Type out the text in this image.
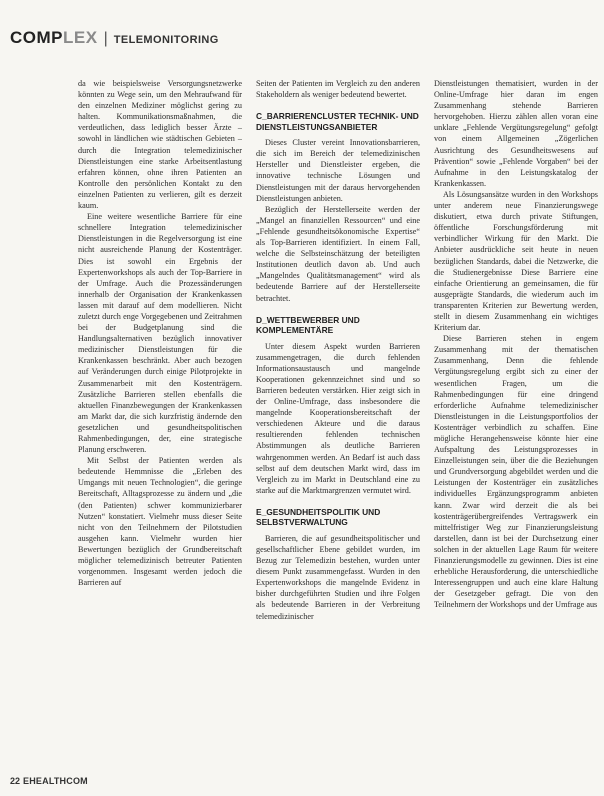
COMPLEX | TELEMONITORING

da wie beispielsweise Versorgungsnetzwerke könnten zu Wege sein, um den Mehraufwand für den einzelnen Mediziner möglichst gering zu halten. Kommunikationsmaßnahmen, die verdeutlichen, dass lediglich besser Ärzte – sowohl in ländlichen wie städtischen Gebieten – durch die Integration telemedizinischer Dienstleistungen eine starke Arbeitsentlastung erfahren können, ohne ihren Patienten an Kontrolle den persönlichen Kontakt zu den einzelnen Patienten zu verlieren, gilt es derzeit kaum.

Eine weitere wesentliche Barriere für eine schnellere Integration telemedizinischer Dienstleistungen in die Regelversorgung ist eine nicht ausreichende Planung der Kostenträger. Dies ist sowohl ein Ergebnis der Expertenworkshops als auch der Top-Barriere in der Umfrage. Auch die Prozessänderungen innerhalb der Organisation der Krankenkassen lassen mit darauf auf dem modellieren. Nicht zuletzt durch enge Vorgegebenen und Zeitrahmen bei der Budgetplanung sind die Handlungsalternativen bezüglich innovativer medizinischer Dienstleistungen für die Krankenkassen beschränkt. Aber auch bezogen auf Veränderungen durch einige Pilotprojekte in Zusammenarbeit mit den Kostenträgern. Zusätzliche Barrieren stellen ebenfalls die aktuellen Finanzbewegungen der Krankenkassen am Markt dar, die sich kurzfristig ändernde den gesetzlichen und gesundheitspolitischen Rahmenbedingungen, der, eine strategische Planung erschweren.

Mit Selbst der Patienten werden als bedeutende Hemmnisse die „Erleben des Umgangs mit neuen Technologien“, die geringe Bereitschaft, Alltagsprozesse zu ändern und „die (den Patienten) schwer kommunizierbarer Nutzen“ konstatiert. Vielmehr muss dieser Seite nicht von den Teilnehmern der Pilotstudien ausgehen kann. Vielmehr wurden hier Bewertungen bezüglich der Grundbereitschaft möglicher telemedizinisch betreuter Patienten vorgenommen. Insgesamt werden jedoch die Barrieren auf

Seiten der Patienten im Vergleich zu den anderen Stakeholdern als weniger bedeutend bewertet.

C_BARRIERENCLUSTER TECHNIK- UND DIENSTLEISTUNGSANBIETER

Dieses Cluster vereint Innovationsbarrieren, die sich im Bereich der telemedizinischen Hersteller und Dienstleister ergeben, die innovative technische Lösungen und Dienstleistungen mit der daraus hervorgehenden Dienstleistungen anbieten.

Bezüglich der Herstellerseite werden der „Mangel an finanziellen Ressourcen“ und eine „Fehlende gesundheitsökonomische Expertise“ als Top-Barrieren identifiziert. In einem Fall, welche die Selbsteinschätzung der beteiligten Institutionen deutlich davon ab. Und auch „Mangelndes Qualitätsmanagement“ wird als bedeutende Barriere auf der Herstellerseite betrachtet.

D_WETTBEWERBER UND KOMPLEMENTÄRE

Unter diesem Aspekt wurden Barrieren zusammengetragen, die durch fehlenden Informationsaustausch und mangelnde Kooperationen gekennzeichnet sind und so Barrieren bedeuten verstärken. Hier zeigt sich in der Online-Umfrage, dass insbesondere die mangelnde Kooperationsbereitschaft der verschiedenen Akteure und die daraus resultierenden fehlenden technischen Abstimmungen als deutliche Barrieren wahrgenommen werden. An Bedarf ist auch dass selbst auf dem deutschen Markt wird, dass im Vergleich zu im Markt in Deutschland eine zu starke auf die Marktmargrenzen vermutet wird.

E_GESUNDHEITSPOLITIK UND SELBSTVERWALTUNG

Barrieren, die auf gesundheitspolitischer und gesellschaftlicher Ebene gebildet wurden, im Bezug zur Telemedizin bestehen, wurden unter diesem Punkt zusammengefasst. Wurden in den Expertenworkshops die mangelnde Evidenz in bisher durchgeführten Studien und ihre Folgen als bedeutende Barrieren in der Verbreitung telemedizinischer

Dienstleistungen thematisiert, wurden in der Online-Umfrage hier daran im engen Zusammenhang stehende Barrieren hervorgehoben. Hierzu zählen allen voran eine unklare „Fehlende Vergütungsregelung“ gefolgt von einem Allgemeinen „Zögerlichen Ausrichtung des Gesundheitswesens auf Prävention“ sowie „Fehlende Vorgaben“ bei der Aufnahme in den Leistungskatalog der Krankenkassen.

Als Lösungsansätze wurden in den Workshops unter anderem neue Finanzierungswege diskutiert, etwa durch private Stiftungen, öffentliche Forschungsförderung mit verbindlicher Wirkung für den Markt. Die Anbieter ausdrückliche seit heute in neuen bezüglichen Standards, dabei die Netzwerke, die die Studienergebnisse Diese Barriere eine einfache Orientierung an gemeinsamen, die für ausgeprägte Standards, die wiederum auch im transparenten Kriterien zur Bewertung werden, stellt in diesem Zusammenhang ein wichtiges Kriterium dar.

Diese Barrieren stehen in engem Zusammenhang mit der thematischen Zusammenhang, Denn die fehlende Vergütungsregelung ergibt sich zu einer der wesentlichen Fragen, um die Rahmenbedingungen für eine dringend erforderliche Aufnahme telemedizinischer Dienstleistungen in die Leistungsportfolios der Kostenträger verbindlich zu schaffen. Eine mögliche Herangehensweise könnte hier eine Aufspaltung des Leistungsprozesses in Einzelleistungen sein, über die die Beziehungen und Grundversorgung abgebildet werden und die Leistungen der Kostenträger ein zusätzliches individuelles Ergänzungsprogramm anbieten kann. Zwar wird derzeit die als bei kostenträgerübergreifendes Vertragswerk ein mittelfristiger Weg zur Finanzierungsleistung darstellen, dann ist bei der Durchsetzung einer solchen in der aktuellen Lage Raum für weitere Finanzierungsmodelle zu gewinnen. Dies ist eine erhebliche Herausforderung, die unterschiedliche Interessengruppen und auch eine klare Haltung der Gesetzgeber gefragt. Die von den Teilnehmern der Workshops und der Umfrage aus

22 EHEALTHCOM
